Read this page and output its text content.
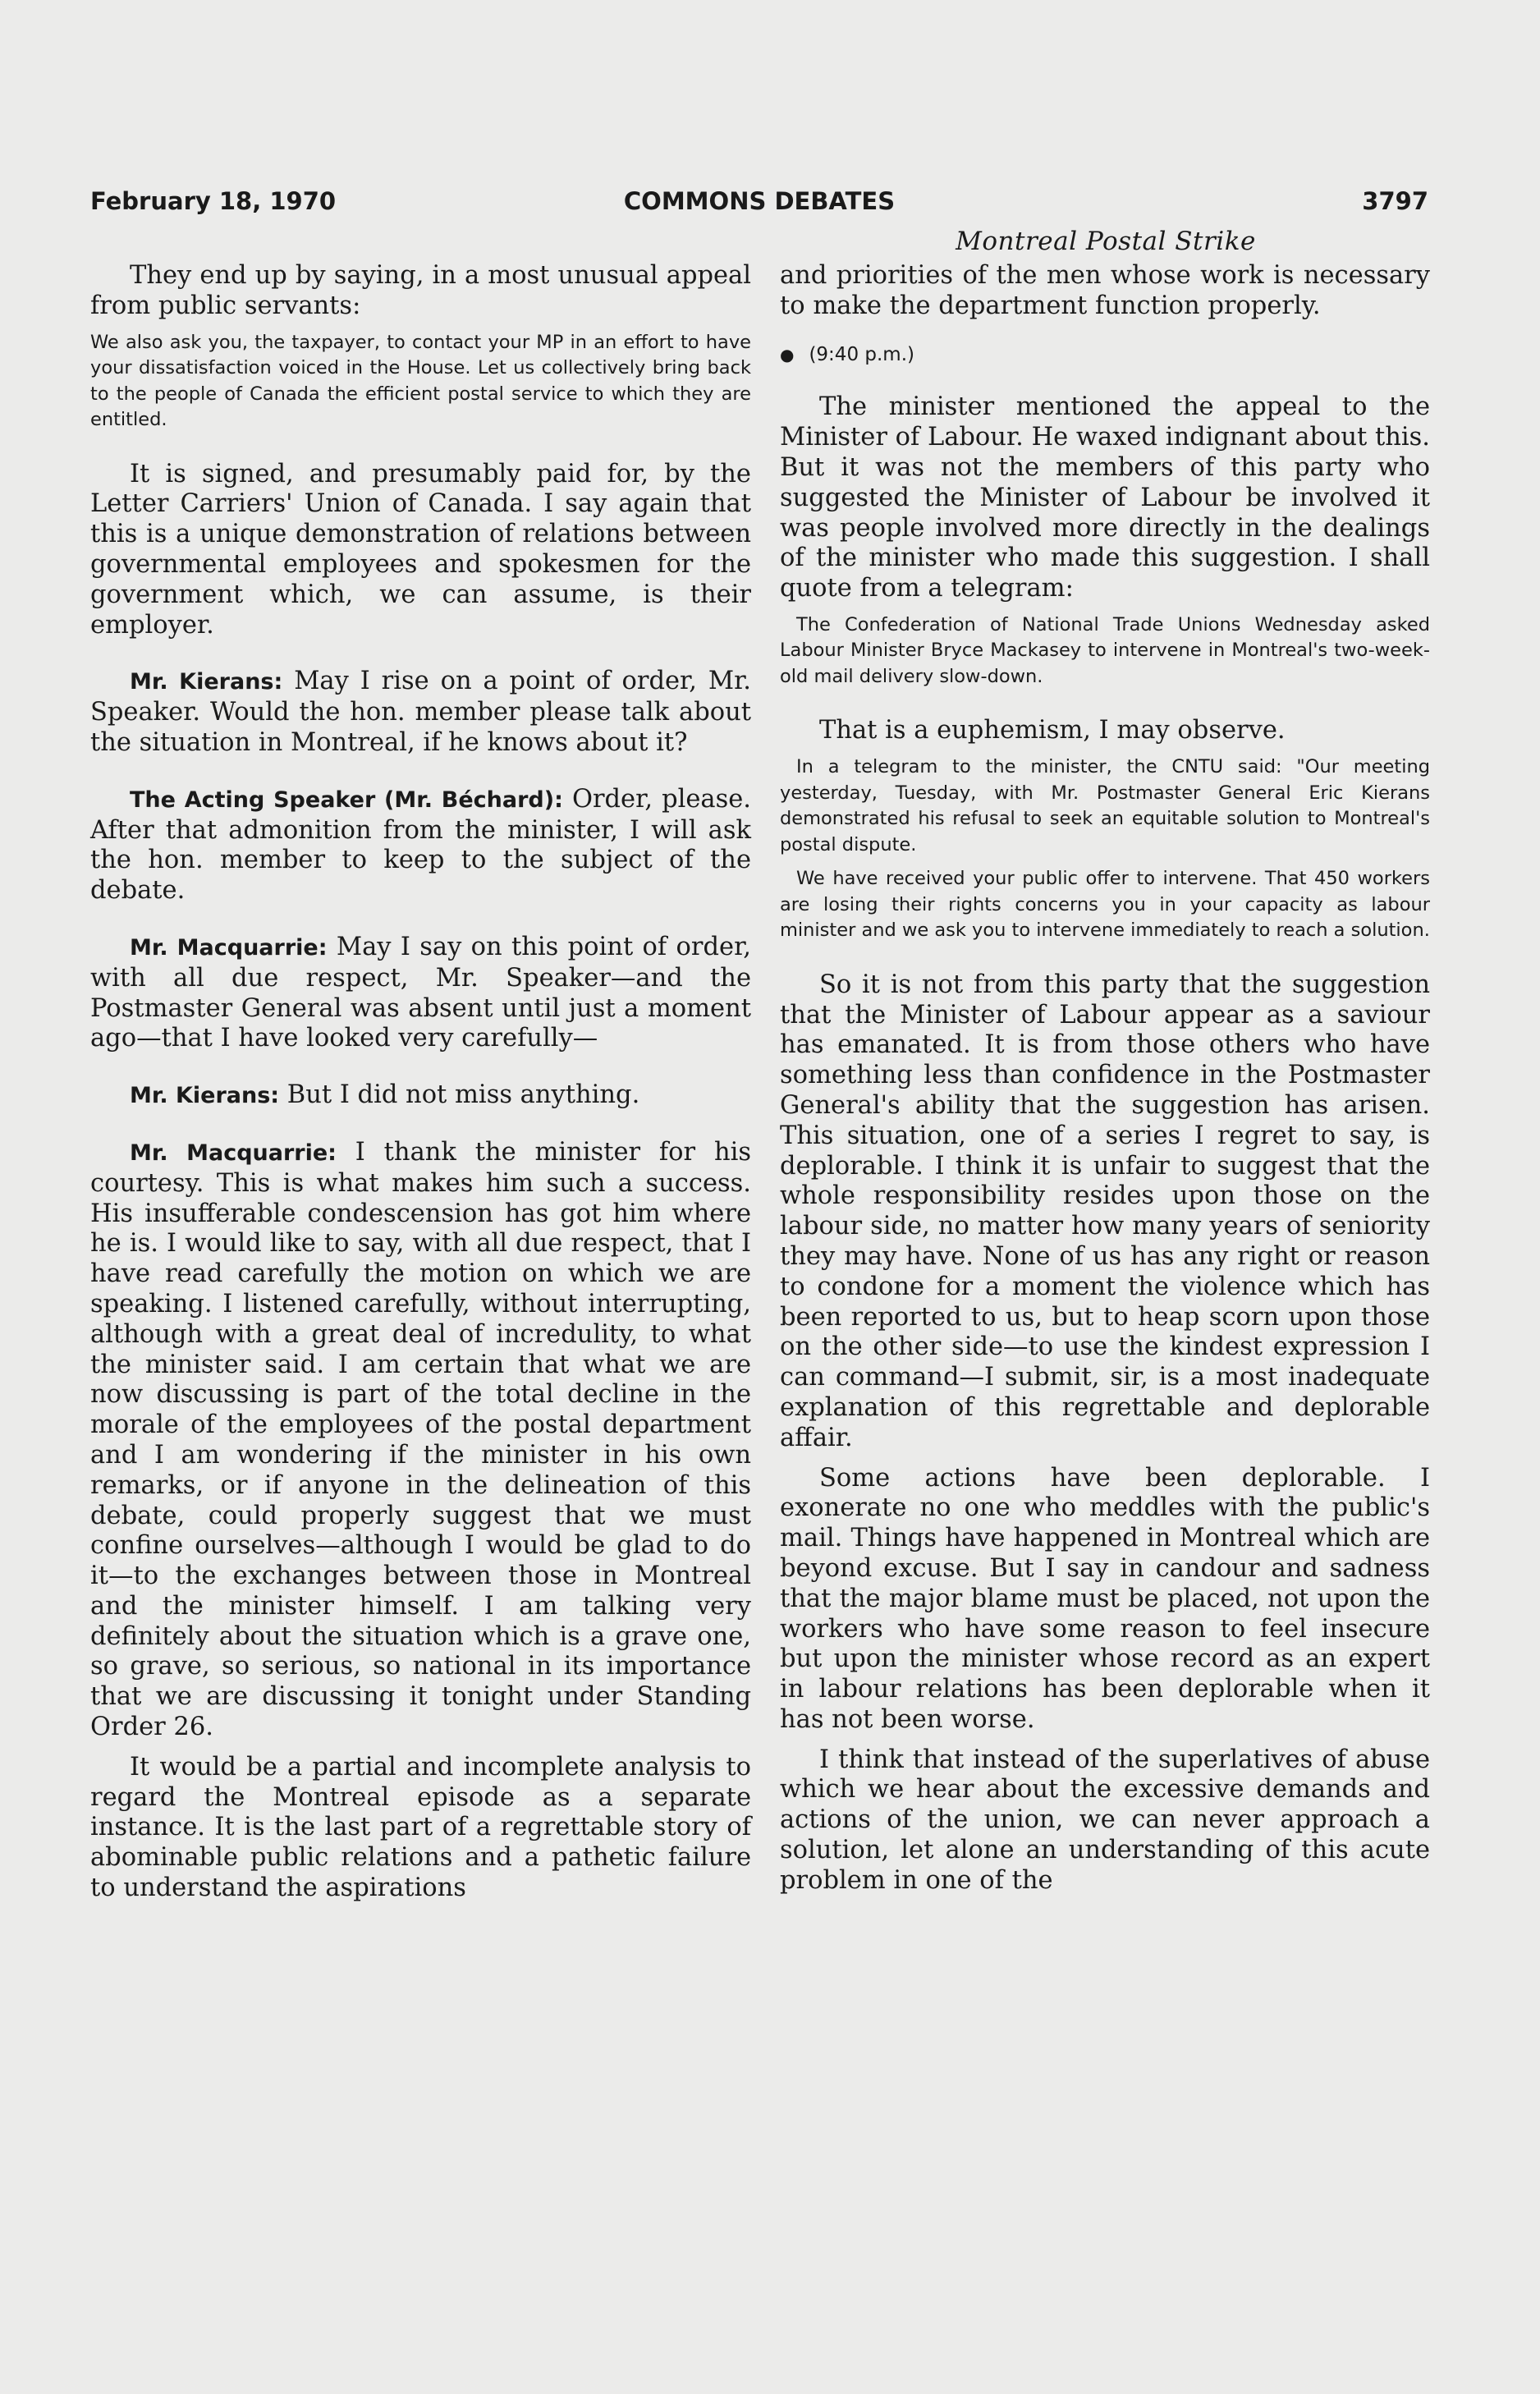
February 18, 1970	COMMONS DEBATES	3797
Montreal Postal Strike

They end up by saying, in a most unusual appeal from public servants:

We also ask you, the taxpayer, to contact your MP in an effort to have your dissatisfaction voiced in the House. Let us collectively bring back to the people of Canada the efficient postal service to which they are entitled.

It is signed, and presumably paid for, by the Letter Carriers' Union of Canada. I say again that this is a unique demonstration of relations between governmental employees and spokesmen for the government which, we can assume, is their employer.

Mr. Kierans: May I rise on a point of order, Mr. Speaker. Would the hon. member please talk about the situation in Montreal, if he knows about it?

The Acting Speaker (Mr. Béchard): Order, please. After that admonition from the minister, I will ask the hon. member to keep to the subject of the debate.

Mr. Macquarrie: May I say on this point of order, with all due respect, Mr. Speaker—and the Postmaster General was absent until just a moment ago—that I have looked very carefully—

Mr. Kierans: But I did not miss anything.

Mr. Macquarrie: I thank the minister for his courtesy. This is what makes him such a success. His insufferable condescension has got him where he is. I would like to say, with all due respect, that I have read carefully the motion on which we are speaking. I listened carefully, without interrupting, although with a great deal of incredulity, to what the minister said. I am certain that what we are now discussing is part of the total decline in the morale of the employees of the postal department and I am wondering if the minister in his own remarks, or if anyone in the delineation of this debate, could properly suggest that we must confine ourselves—although I would be glad to do it—to the exchanges between those in Montreal and the minister himself. I am talking very definitely about the situation which is a grave one, so grave, so serious, so national in its importance that we are discussing it tonight under Standing Order 26.

It would be a partial and incomplete analysis to regard the Montreal episode as a separate instance. It is the last part of a regrettable story of abominable public relations and a pathetic failure to understand the aspirations

and priorities of the men whose work is necessary to make the department function properly.

● (9:40 p.m.)

The minister mentioned the appeal to the Minister of Labour. He waxed indignant about this. But it was not the members of this party who suggested the Minister of Labour be involved it was people involved more directly in the dealings of the minister who made this suggestion. I shall quote from a telegram:

The Confederation of National Trade Unions Wednesday asked Labour Minister Bryce Mackasey to intervene in Montreal's two-week-old mail delivery slow-down.

That is a euphemism, I may observe.

In a telegram to the minister, the CNTU said: "Our meeting yesterday, Tuesday, with Mr. Postmaster General Eric Kierans demonstrated his refusal to seek an equitable solution to Montreal's postal dispute.

We have received your public offer to intervene. That 450 workers are losing their rights concerns you in your capacity as labour minister and we ask you to intervene immediately to reach a solution.

So it is not from this party that the suggestion that the Minister of Labour appear as a saviour has emanated. It is from those others who have something less than confidence in the Postmaster General's ability that the suggestion has arisen. This situation, one of a series I regret to say, is deplorable. I think it is unfair to suggest that the whole responsibility resides upon those on the labour side, no matter how many years of seniority they may have. None of us has any right or reason to condone for a moment the violence which has been reported to us, but to heap scorn upon those on the other side—to use the kindest expression I can command—I submit, sir, is a most inadequate explanation of this regrettable and deplorable affair.

Some actions have been deplorable. I exonerate no one who meddles with the public's mail. Things have happened in Montreal which are beyond excuse. But I say in candour and sadness that the major blame must be placed, not upon the workers who have some reason to feel insecure but upon the minister whose record as an expert in labour relations has been deplorable when it has not been worse.

I think that instead of the superlatives of abuse which we hear about the excessive demands and actions of the union, we can never approach a solution, let alone an understanding of this acute problem in one of the
